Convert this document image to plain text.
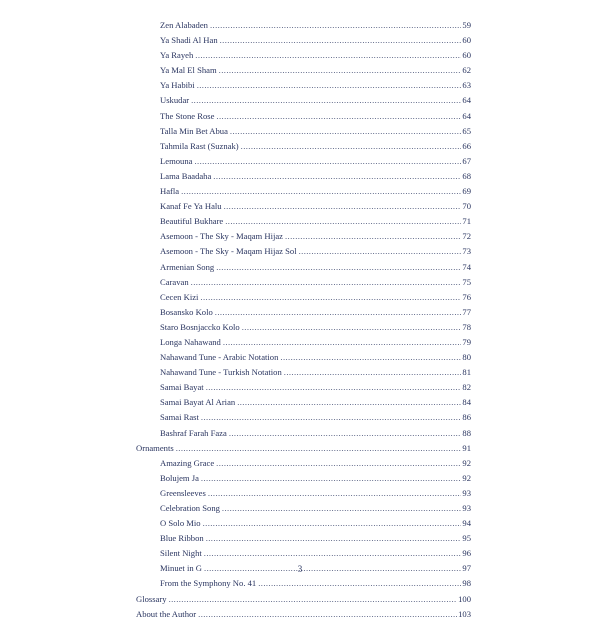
Zen Alabaden .....	59
Ya Shadi Al Han .....	60
Ya Rayeh .....	60
Ya Mal El Sham .....	62
Ya Habibi .....	63
Uskudar .....	64
The Stone Rose .....	64
Talla Min Bet Abua .....	65
Tahmila Rast (Suznak) .....	66
Lemouna .....	67
Lama Baadaha .....	68
Hafla .....	69
Kanaf Fe Ya Halu .....	70
Beautiful Bukhare .....	71
Asemoon - The Sky - Maqam Hijaz .....	72
Asemoon - The Sky - Maqam Hijaz Sol .....	73
Armenian Song .....	74
Caravan .....	75
Cecen Kizi .....	76
Bosansko Kolo .....	77
Staro Bosnjaccko Kolo .....	78
Longa Nahawand .....	79
Nahawand Tune - Arabic Notation .....	80
Nahawand Tune - Turkish Notation .....	81
Samai Bayat .....	82
Samai Bayat Al Arian .....	84
Samai Rast .....	86
Bashraf Farah Faza .....	88
Ornaments .....	91
Amazing Grace .....	92
Bolujem Ja .....	92
Greensleeves .....	93
Celebration Song .....	93
O Solo Mio .....	94
Blue Ribbon .....	95
Silent Night .....	96
Minuet in G .....	97
From the Symphony No. 41 .....	98
Glossary .....	100
About the Author .....	103
3
